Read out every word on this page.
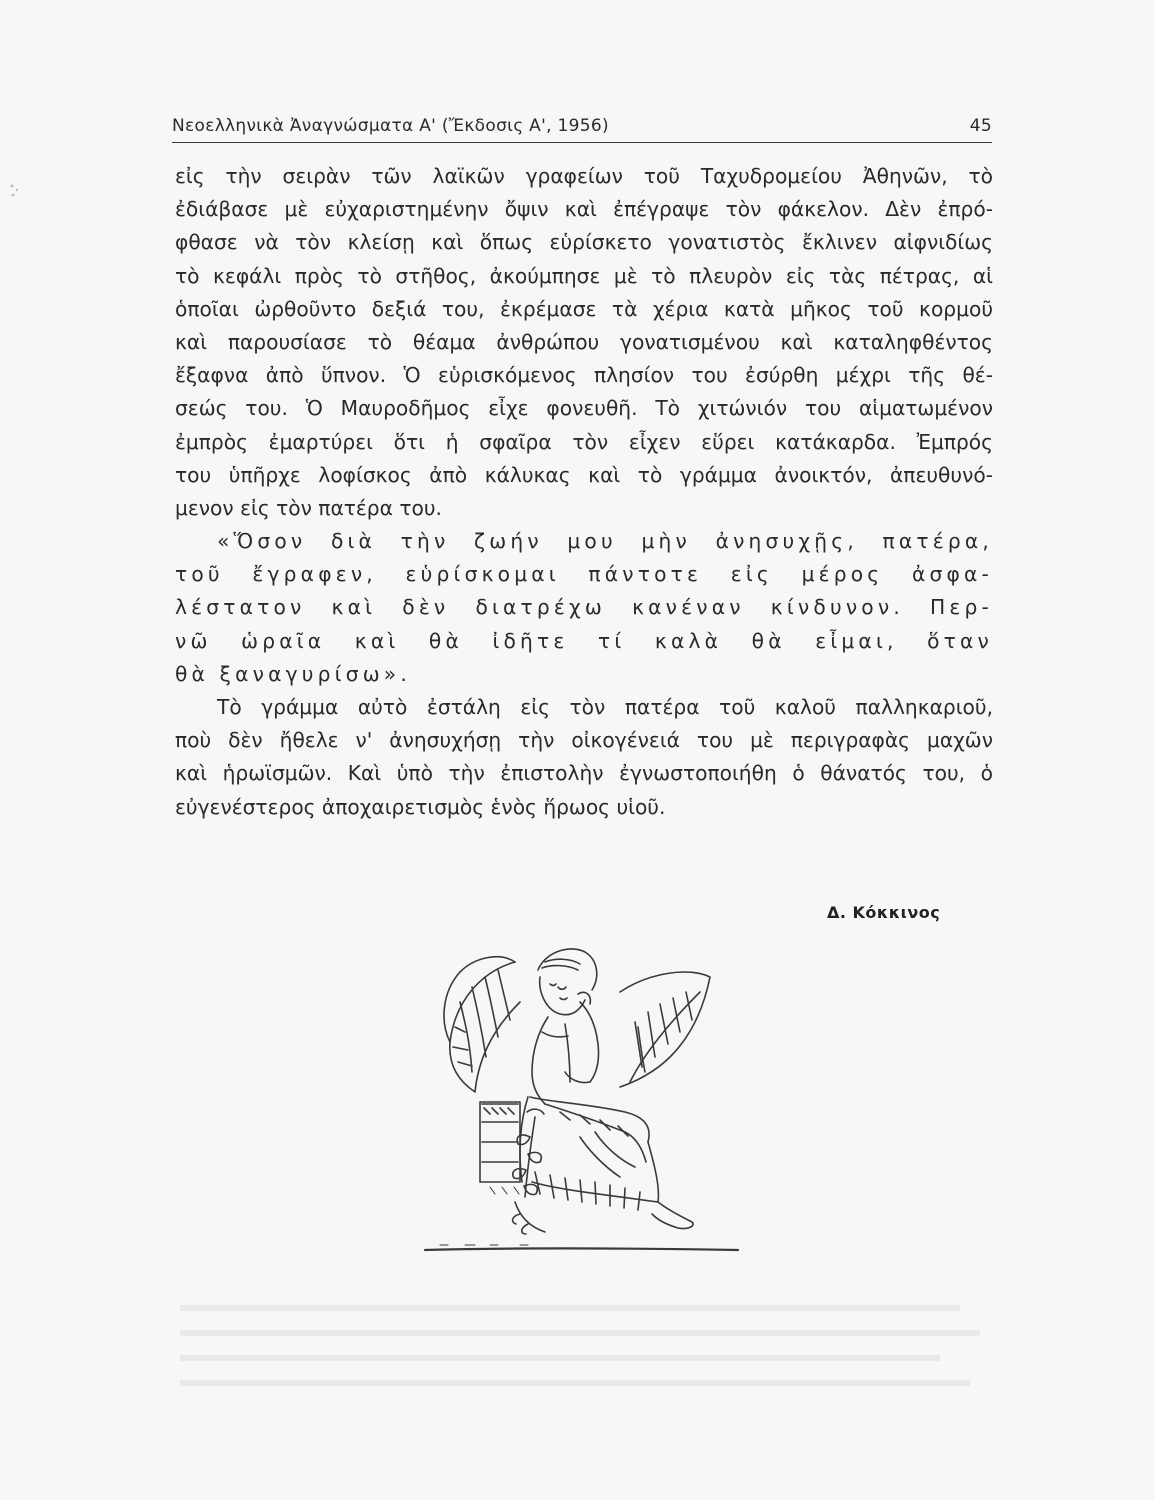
Νεοελληνικὰ Ἀναγνώσματα Α' (Ἔκδοσις Α', 1956)	45
εἰς τὴν σειρὰν τῶν λαϊκῶν γραφείων τοῦ Ταχυδρομείου Ἀθηνῶν, τὸ
ἐδιάβασε μὲ εὐχαριστημένην ὄψιν καὶ ἐπέγραψε τὸν φάκελον. Δὲν ἐπρό-
φθασε νὰ τὸν κλείσῃ καὶ ὅπως εὑρίσκετο γονατιστὸς ἔκλινεν αἰφνιδίως
τὸ κεφάλι πρὸς τὸ στῆθος, ἀκούμπησε μὲ τὸ πλευρὸν εἰς τὰς πέτρας, αἱ
ὁποῖαι ὠρθοῦντο δεξιά του, ἐκρέμασε τὰ χέρια κατὰ μῆκος τοῦ κορμοῦ
καὶ παρουσίασε τὸ θέαμα ἀνθρώπου γονατισμένου καὶ καταληφθέντος
ἔξαφνα ἀπὸ ὕπνον. Ὁ εὑρισκόμενος πλησίον του ἐσύρθη μέχρι τῆς θέ-
σεώς του. Ὁ Μαυροδῆμος εἶχε φονευθῆ. Τὸ χιτώνιόν του αἱματωμένον
ἐμπρὸς ἐμαρτύρει ὅτι ἡ σφαῖρα τὸν εἶχεν εὕρει κατάκαρδα. Ἐμπρός
του ὑπῆρχε λοφίσκος ἀπὸ κάλυκας καὶ τὸ γράμμα ἀνοικτόν, ἀπευθυνό-
μενον εἰς τὸν πατέρα του.
«Ὅσον διὰ τὴν ζωήν μου μὴν ἀνησυχῇς, πατέρα,
τοῦ ἔγραφεν, εὑρίσκομαι πάντοτε εἰς μέρος ἀσφα-
λέστατον καὶ δὲν διατρέχω κανέναν κίνδυνον. Περ-
νῶ ὡραῖα καὶ θὰ ἰδῆτε τί καλὰ θὰ εἶμαι, ὅταν
θὰ ξαναγυρίσω».
Τὸ γράμμα αὐτὸ ἐστάλη εἰς τὸν πατέρα τοῦ καλοῦ παλληκαριοῦ,
ποὺ δὲν ἤθελε ν' ἀνησυχήσῃ τὴν οἰκογένειά του μὲ περιγραφὰς μαχῶν
καὶ ἡρωϊσμῶν. Καὶ ὑπὸ τὴν ἐπιστολὴν ἐγνωστοποιήθη ὁ θάνατός του, ὁ
εὐγενέστερος ἀποχαιρετισμὸς ἑνὸς ἥρωος υἱοῦ.
Δ. Κόκκινος
